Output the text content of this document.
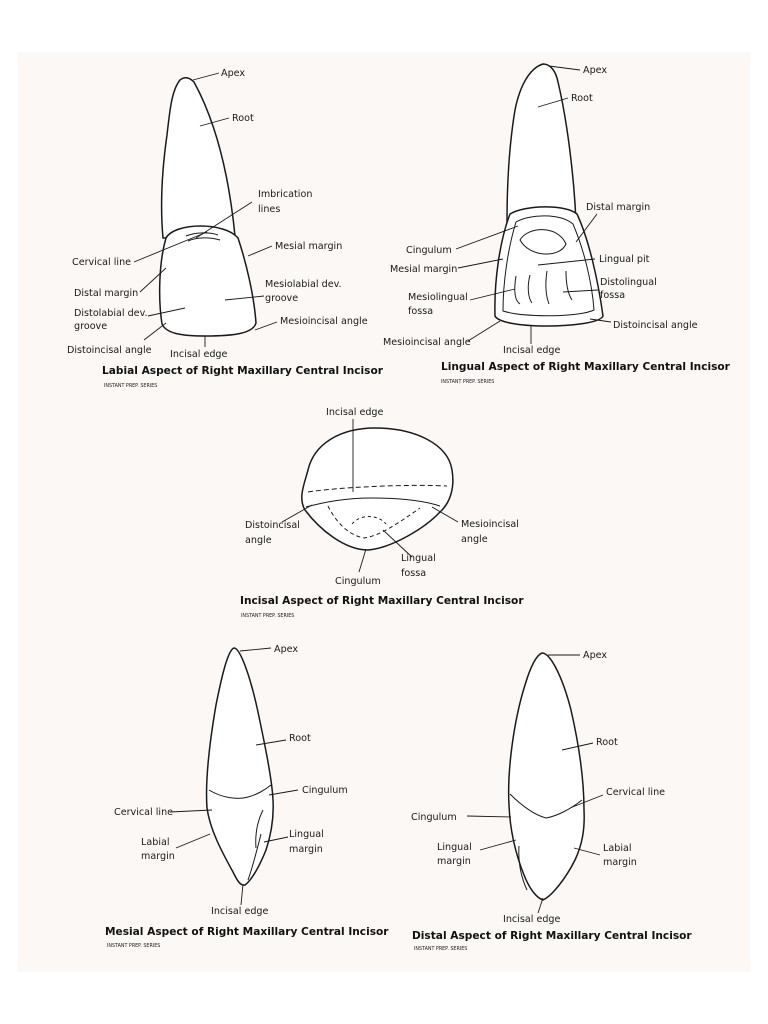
Apex
Root
Imbrication
lines
Cervical line
Mesial margin
Distal margin
Mesiolabial dev.
groove
Distolabial dev.
groove	Mesioincisal angle
Distoincisal angle Incisal edge
Labial Aspect of Right Maxillary Central Incisor
INSTANT PREP. SERIES
Apex
Root
Distal margin
Cingulum
Lingual pit
Mesial margin
Distolingual
fossa
Mesiolingual
fossa
Distoincisal angle
Mesioincisal angle
Incisal edge
Lingual Aspect of Right Maxillary Central Incisor
INSTANT PREP. SERIES
Incisal edge
Distoincisal
angle
Mesioincisal
angle
Lingual
fossa
Cingulum
Incisal Aspect of Right Maxillary Central Incisor
INSTANT PREP. SERIES
Apex
Root
Cingulum
Cervical line
Lingual
margin
Labial
margin
Incisal edge
Mesial Aspect of Right Maxillary Central Incisor
INSTANT PREP. SERIES
Apex
Root
Cervical line
Cingulum
Lingual
margin
Labial
margin
Incisal edge
Distal Aspect of Right Maxillary Central Incisor
INSTANT PREP. SERIES
